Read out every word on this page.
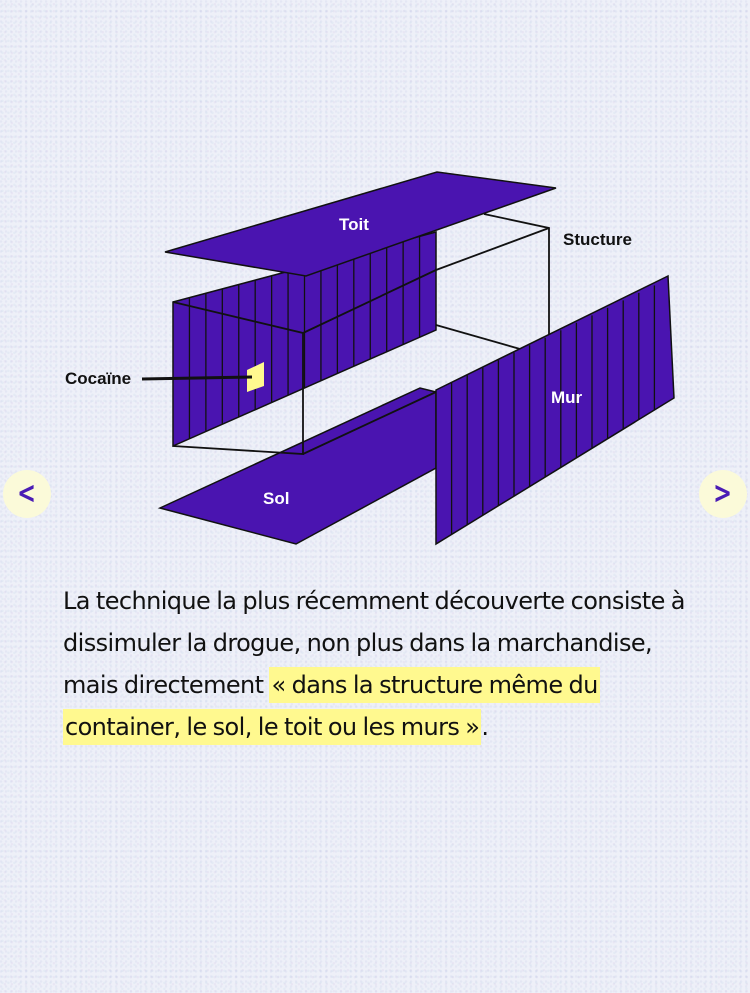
Toit
Stucture
Cocaïne
Mur
Sol
<	>

La technique la plus récemment découverte consiste à dissimuler la drogue, non plus dans la marchandise, mais directement « dans la structure même du container, le sol, le toit ou les murs ».
